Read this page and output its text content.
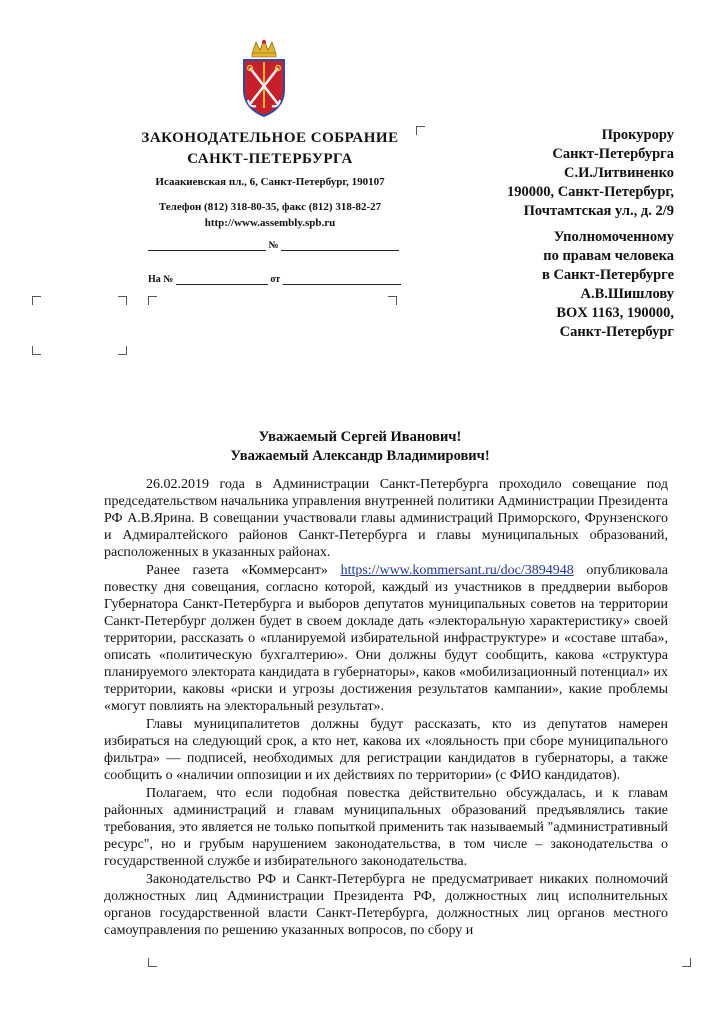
ЗАКОНОДАТЕЛЬНОЕ СОБРАНИЕ
САНКТ-ПЕТЕРБУРГА
Исаакиевская пл., 6, Санкт-Петербург, 190107
Телефон (812) 318-80-35, факс (812) 318-82-27
http://www.assembly.spb.ru
№
На №	от
Прокурору
Санкт-Петербурга
С.И.Литвиненко
190000, Санкт-Петербург,
Почтамтская ул., д. 2/9
Уполномоченному
по правам человека
в Санкт-Петербурге
А.В.Шишлову
BOX 1163, 190000,
Санкт-Петербург
Уважаемый Сергей Иванович!
Уважаемый Александр Владимирович!

26.02.2019 года в Администрации Санкт-Петербурга проходило совещание под председательством начальника управления внутренней политики Администрации Президента РФ А.В.Ярина. В совещании участвовали главы администраций Приморского, Фрунзенского и Адмиралтейского районов Санкт-Петербурга и главы муниципальных образований, расположенных в указанных районах.

Ранее газета «Коммерсант» https://www.kommersant.ru/doc/3894948 опубликовала повестку дня совещания, согласно которой, каждый из участников в преддверии выборов Губернатора Санкт-Петербурга и выборов депутатов муниципальных советов на территории Санкт-Петербург должен будет в своем докладе дать «электоральную характеристику» своей территории, рассказать о «планируемой избирательной инфраструктуре» и «составе штаба», описать «политическую бухгалтерию». Они должны будут сообщить, какова «структура планируемого электората кандидата в губернаторы», каков «мобилизационный потенциал» их территории, каковы «риски и угрозы достижения результатов кампании», какие проблемы «могут повлиять на электоральный результат».

Главы муниципалитетов должны будут рассказать, кто из депутатов намерен избираться на следующий срок, а кто нет, какова их «лояльность при сборе муниципального фильтра» — подписей, необходимых для регистрации кандидатов в губернаторы, а также сообщить о «наличии оппозиции и их действиях по территории» (с ФИО кандидатов).

Полагаем, что если подобная повестка действительно обсуждалась, и к главам районных администраций и главам муниципальных образований предъявлялись такие требования, это является не только попыткой применить так называемый "административный ресурс", но и грубым нарушением законодательства, в том числе – законодательства о государственной службе и избирательного законодательства.

Законодательство РФ и Санкт-Петербурга не предусматривает никаких полномочий должностных лиц Администрации Президента РФ, должностных лиц исполнительных органов государственной власти Санкт-Петербурга, должностных лиц органов местного самоуправления по решению указанных вопросов, по сбору и
